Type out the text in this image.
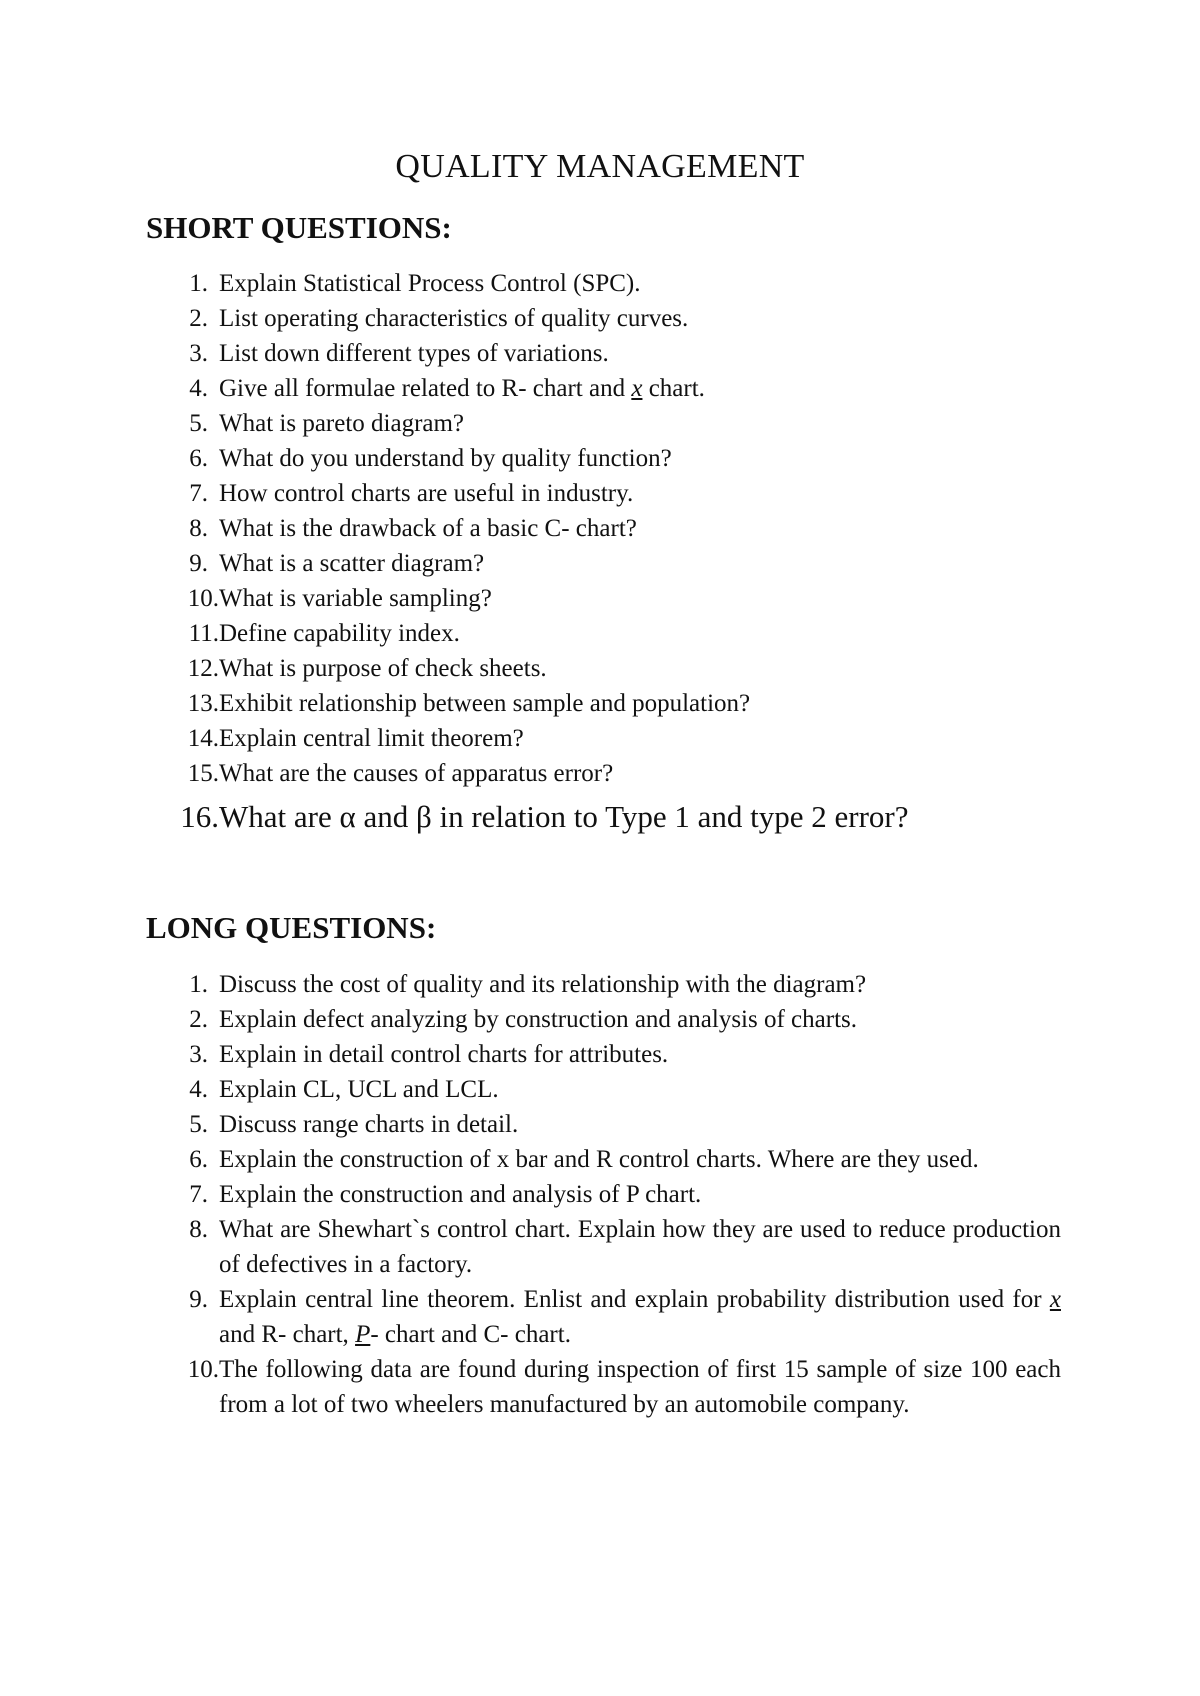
QUALITY MANAGEMENT
SHORT QUESTIONS:
1. Explain Statistical Process Control (SPC).
2. List operating characteristics of quality curves.
3. List down different types of variations.
4. Give all formulae related to R- chart and x chart.
5. What is pareto diagram?
6. What do you understand by quality function?
7. How control charts are useful in industry.
8. What is the drawback of a basic C- chart?
9. What is a scatter diagram?
10. What is variable sampling?
11. Define capability index.
12. What is purpose of check sheets.
13. Exhibit relationship between sample and population?
14. Explain central limit theorem?
15. What are the causes of apparatus error?
16. What are α and β in relation to Type 1 and type 2 error?
LONG QUESTIONS:
1. Discuss the cost of quality and its relationship with the diagram?
2. Explain defect analyzing by construction and analysis of charts.
3. Explain in detail control charts for attributes.
4. Explain CL, UCL and LCL.
5. Discuss range charts in detail.
6. Explain the construction of x bar and R control charts. Where are they used.
7. Explain the construction and analysis of P chart.
8. What are Shewhart`s control chart. Explain how they are used to reduce production of defectives in a factory.
9. Explain central line theorem. Enlist and explain probability distribution used for x and R- chart, P- chart and C- chart.
10. The following data are found during inspection of first 15 sample of size 100 each from a lot of two wheelers manufactured by an automobile company.
